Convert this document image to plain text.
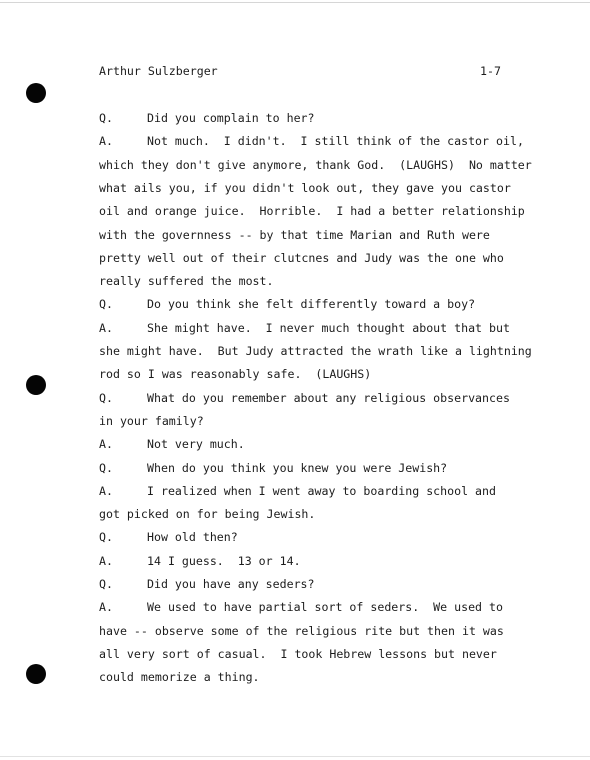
Arthur Sulzberger	1-7
Q.	Did you complain to her?
A.	Not much.  I didn't.  I still think of the castor oil,
which they don't give anymore, thank God.  (LAUGHS)  No matter
what ails you, if you didn't look out, they gave you castor
oil and orange juice.  Horrible.  I had a better relationship
with the governness -- by that time Marian and Ruth were
pretty well out of their clutcnes and Judy was the one who
really suffered the most.
Q.	Do you think she felt differently toward a boy?
A.	She might have.  I never much thought about that but
she might have.  But Judy attracted the wrath like a lightning
rod so I was reasonably safe.  (LAUGHS)
Q.	What do you remember about any religious observances
in your family?
A.	Not very much.
Q.	When do you think you knew you were Jewish?
A.	I realized when I went away to boarding school and
got picked on for being Jewish.
Q.	How old then?
A.	14 I guess.  13 or 14.
Q.	Did you have any seders?
A.	We used to have partial sort of seders.  We used to
have -- observe some of the religious rite but then it was
all very sort of casual.  I took Hebrew lessons but never
could memorize a thing.
